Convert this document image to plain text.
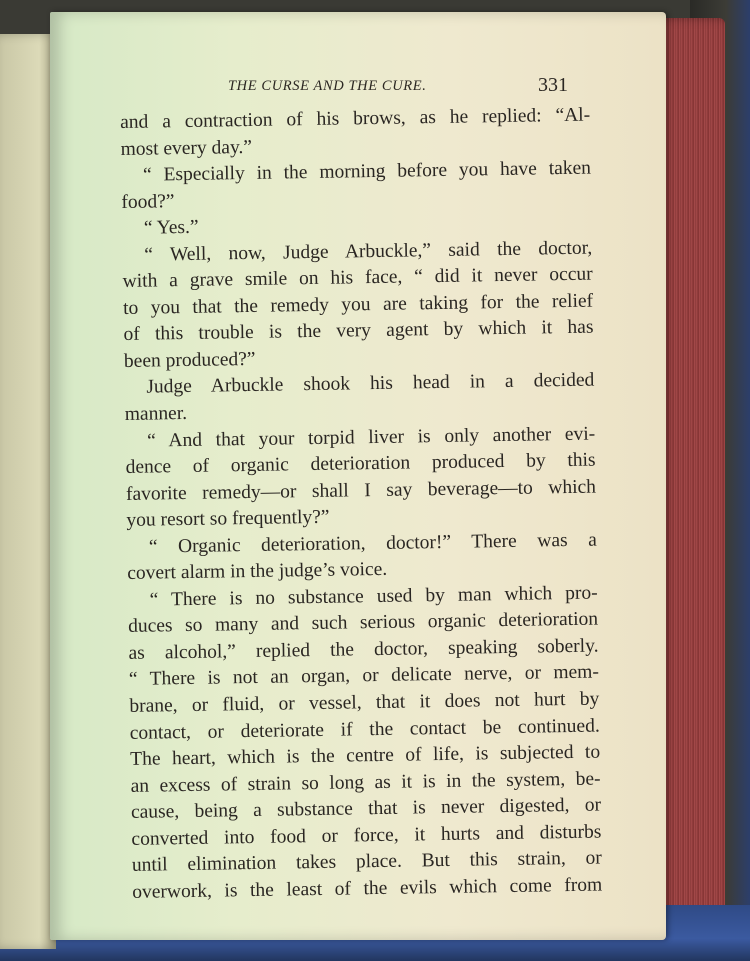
THE CURSE AND THE CURE.	331
and a contraction of his brows, as he replied: “Al-
most every day.”
“ Especially in the morning before you have taken
food?”
“ Yes.”
“ Well, now, Judge Arbuckle,” said the doctor,
with a grave smile on his face, “ did it never occur
to you that the remedy you are taking for the relief
of this trouble is the very agent by which it has
been produced?”
Judge Arbuckle shook his head in a decided
manner.
“ And that your torpid liver is only another evi-
dence of organic deterioration produced by this
favorite remedy—or shall I say beverage—to which
you resort so frequently?”
“ Organic deterioration, doctor!” There was a
covert alarm in the judge’s voice.
“ There is no substance used by man which pro-
duces so many and such serious organic deterioration
as alcohol,” replied the doctor, speaking soberly.
“ There is not an organ, or delicate nerve, or mem-
brane, or fluid, or vessel, that it does not hurt by
contact, or deteriorate if the contact be continued.
The heart, which is the centre of life, is subjected to
an excess of strain so long as it is in the system, be-
cause, being a substance that is never digested, or
converted into food or force, it hurts and disturbs
until elimination takes place. But this strain, or
overwork, is the least of the evils which come from
